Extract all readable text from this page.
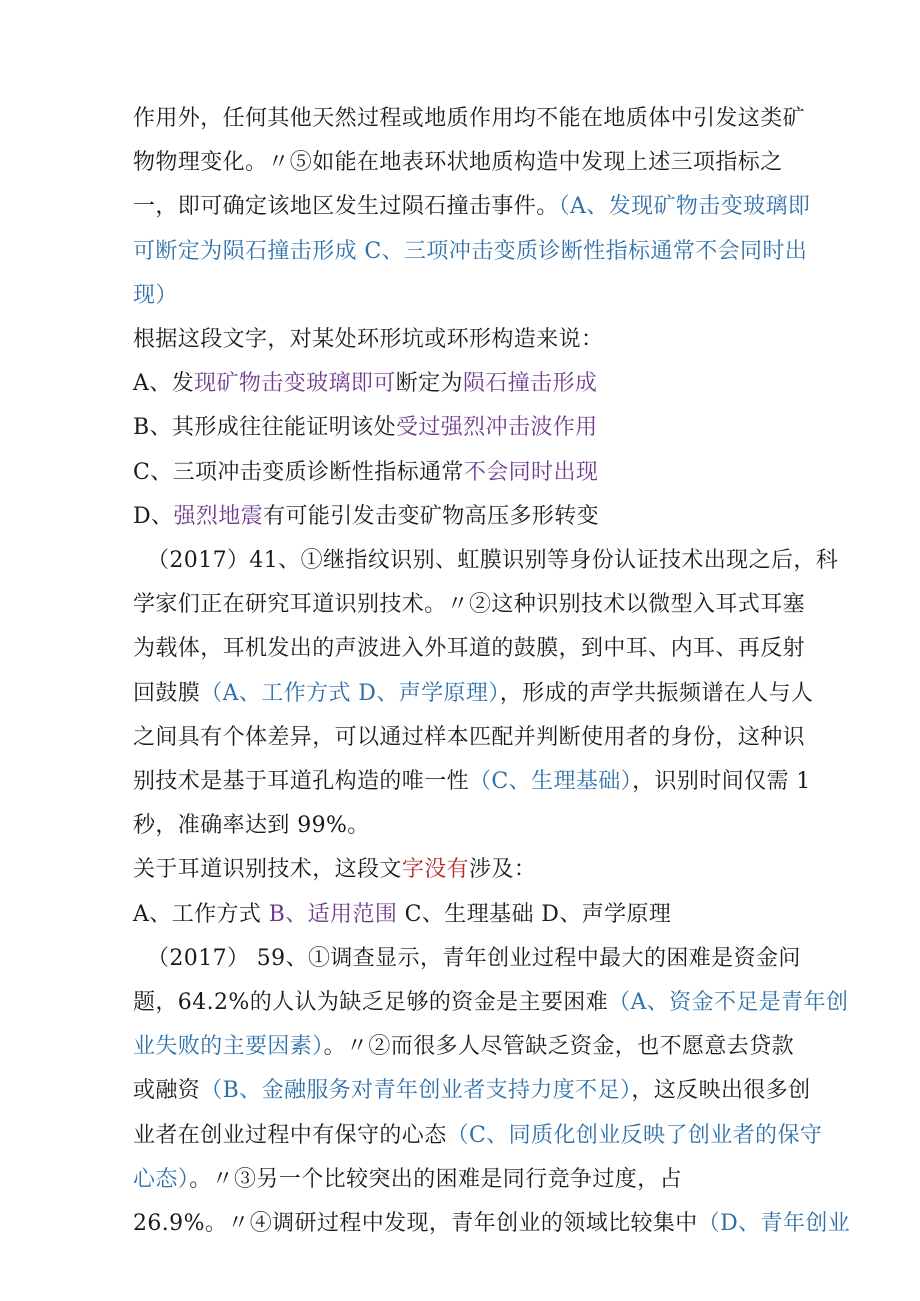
作用外，任何其他天然过程或地质作用均不能在地质体中引发这类矿
物物理变化。〃⑤如能在地表环状地质构造中发现上述三项指标之
一，即可确定该地区发生过陨石撞击事件。（A、发现矿物击变玻璃即
可断定为陨石撞击形成 C、三项冲击变质诊断性指标通常不会同时出
现）
根据这段文字，对某处环形坑或环形构造来说：
A、发现矿物击变玻璃即可断定为陨石撞击形成
B、其形成往往能证明该处受过强烈冲击波作用
C、三项冲击变质诊断性指标通常不会同时出现
D、强烈地震有可能引发击变矿物高压多形转变
（2017）41、①继指纹识别、虹膜识别等身份认证技术出现之后，科
学家们正在研究耳道识别技术。〃②这种识别技术以微型入耳式耳塞
为载体，耳机发出的声波进入外耳道的鼓膜，到中耳、内耳、再反射
回鼓膜（A、工作方式 D、声学原理），形成的声学共振频谱在人与人
之间具有个体差异，可以通过样本匹配并判断使用者的身份，这种识
别技术是基于耳道孔构造的唯一性（C、生理基础），识别时间仅需 1
秒，准确率达到 99%。
关于耳道识别技术，这段文字没有涉及：
A、工作方式 B、适用范围 C、生理基础 D、声学原理
（2017） 59、①调查显示，青年创业过程中最大的困难是资金问
题，64.2%的人认为缺乏足够的资金是主要困难（A、资金不足是青年创
业失败的主要因素）。〃②而很多人尽管缺乏资金，也不愿意去贷款
或融资（B、金融服务对青年创业者支持力度不足），这反映出很多创
业者在创业过程中有保守的心态（C、同质化创业反映了创业者的保守
心态）。〃③另一个比较突出的困难是同行竞争过度，占
26.9%。〃④调研过程中发现，青年创业的领域比较集中（D、青年创业
